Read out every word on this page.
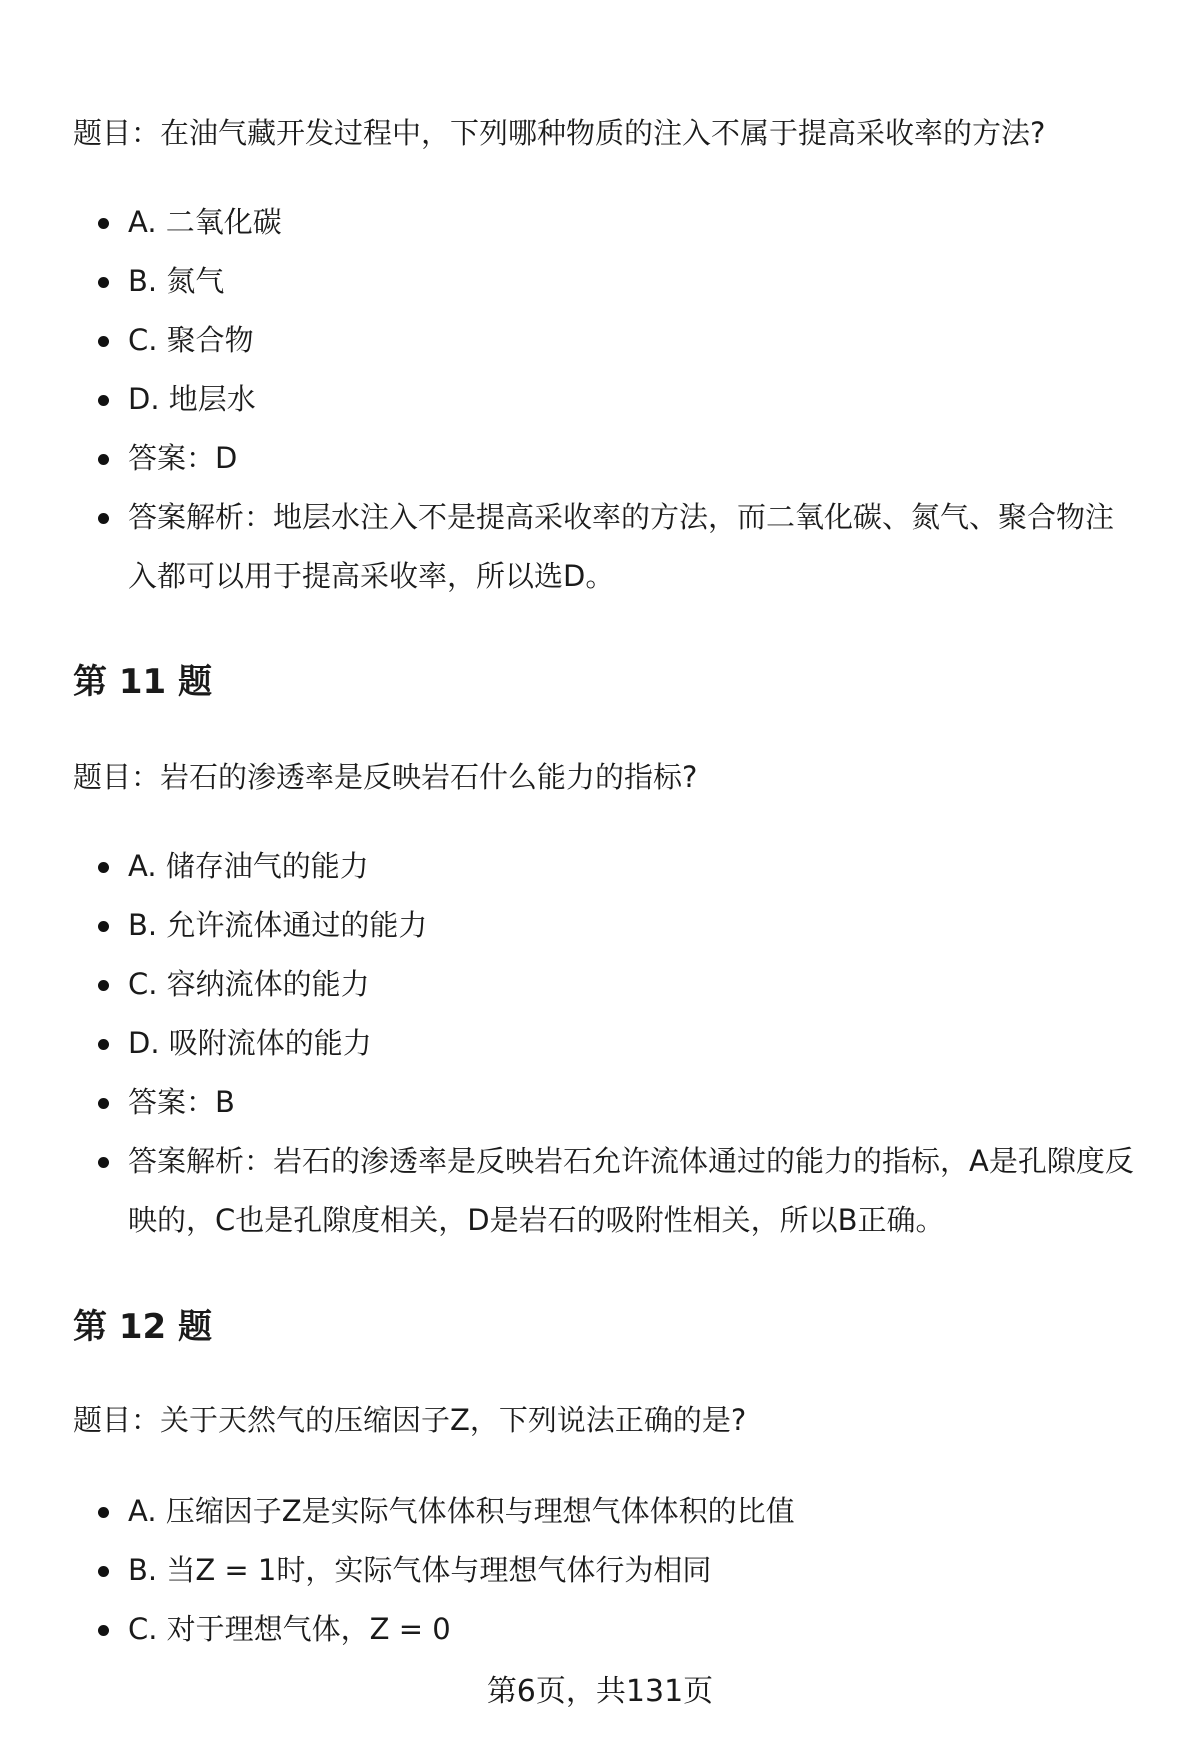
题目：在油气藏开发过程中，下列哪种物质的注入不属于提高采收率的方法?

A. 二氧化碳
B. 氮气
C. 聚合物
D. 地层水
答案：D
答案解析：地层水注入不是提高采收率的方法，而二氧化碳、氮气、聚合物注入都可以用于提高采收率，所以选D。
第 11 题

题目：岩石的渗透率是反映岩石什么能力的指标?

A. 储存油气的能力
B. 允许流体通过的能力
C. 容纳流体的能力
D. 吸附流体的能力
答案：B
答案解析：岩石的渗透率是反映岩石允许流体通过的能力的指标，A是孔隙度反映的，C也是孔隙度相关，D是岩石的吸附性相关，所以B正确。
第 12 题

题目：关于天然气的压缩因子Z，下列说法正确的是?

A. 压缩因子Z是实际气体体积与理想气体体积的比值
B. 当Z = 1时，实际气体与理想气体行为相同
C. 对于理想气体，Z = 0
第6页，共131页
